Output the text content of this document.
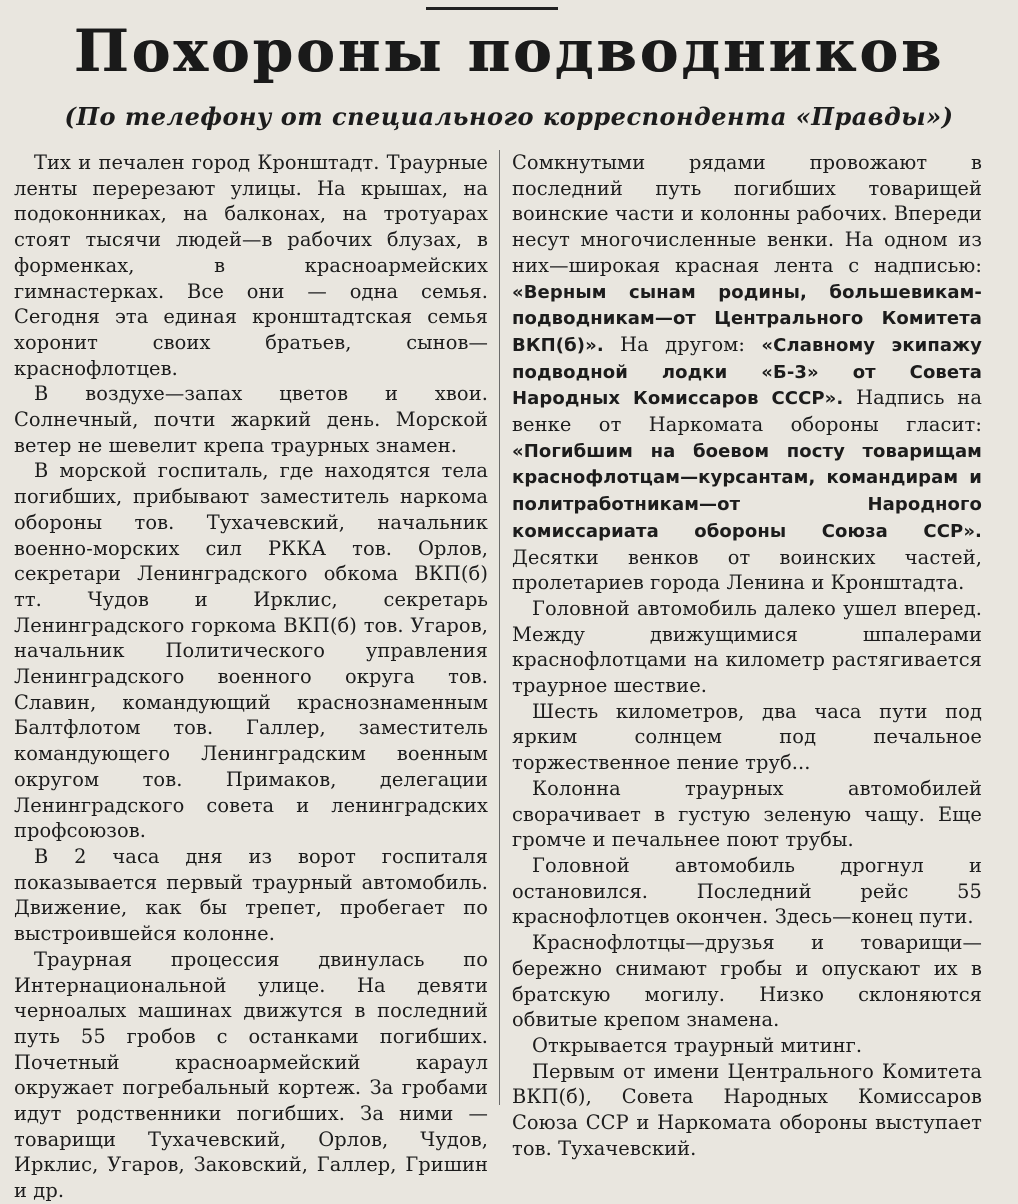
Похороны подводников
(По телефону от специального корреспондента «Правды»)

Тих и печален город Кронштадт. Траурные ленты перерезают улицы. На крышах, на подоконниках, на балконах, на тротуарах стоят тысячи людей—в рабочих блузах, в форменках, в красноармейских гимнастерках. Все они — одна семья. Сегодня эта единая кронштадтская семья хоронит своих братьев, сынов—краснофлотцев.

В воздухе—запах цветов и хвои. Солнечный, почти жаркий день. Морской ветер не шевелит крепа траурных знамен.

В морской госпиталь, где находятся тела погибших, прибывают заместитель наркома обороны тов. Тухачевский, начальник военно-морских сил РККА тов. Орлов, секретари Ленинградского обкома ВКП(б) тт. Чудов и Ирклис, секретарь Ленинградского горкома ВКП(б) тов. Угаров, начальник Политического управления Ленинградского военного округа тов. Славин, командующий краснознаменным Балтфлотом тов. Галлер, заместитель командующего Ленинградским военным округом тов. Примаков, делегации Ленинградского совета и ленинградских профсоюзов.

В 2 часа дня из ворот госпиталя показывается первый траурный автомобиль. Движение, как бы трепет, пробегает по выстроившейся колонне.

Траурная процессия двинулась по Интернациональной улице. На девяти черноалых машинах движутся в последний путь 55 гробов с останками погибших. Почетный красноармейский караул окружает погребальный кортеж. За гробами идут родственники погибших. За ними — товарищи Тухачевский, Орлов, Чудов, Ирклис, Угаров, Заковский, Галлер, Гришин и др.

Сомкнутыми рядами провожают в последний путь погибших товарищей воинские части и колонны рабочих. Впереди несут многочисленные венки. На одном из них—широкая красная лента с надписью: «Верным сынам родины, большевикам-подводникам—от Центрального Комитета ВКП(б)». На другом: «Славному экипажу подводной лодки «Б-3» от Совета Народных Комиссаров СССР». Надпись на венке от Наркомата обороны гласит: «Погибшим на боевом посту товарищам краснофлотцам—курсантам, командирам и политработникам—от Народного комиссариата обороны Союза ССР». Десятки венков от воинских частей, пролетариев города Ленина и Кронштадта.

Головной автомобиль далеко ушел вперед. Между движущимися шпалерами краснофлотцами на километр растягивается траурное шествие.

Шесть километров, два часа пути под ярким солнцем под печальное торжественное пение труб...

Колонна траурных автомобилей сворачивает в густую зеленую чащу. Еще громче и печальнее поют трубы.

Головной автомобиль дрогнул и остановился. Последний рейс 55 краснофлотцев окончен. Здесь—конец пути.

Краснофлотцы—друзья и товарищи—бережно снимают гробы и опускают их в братскую могилу. Низко склоняются обвитые крепом знамена.

Открывается траурный митинг.

Первым от имени Центрального Комитета ВКП(б), Совета Народных Комиссаров Союза ССР и Наркомата обороны выступает тов. Тухачевский.
